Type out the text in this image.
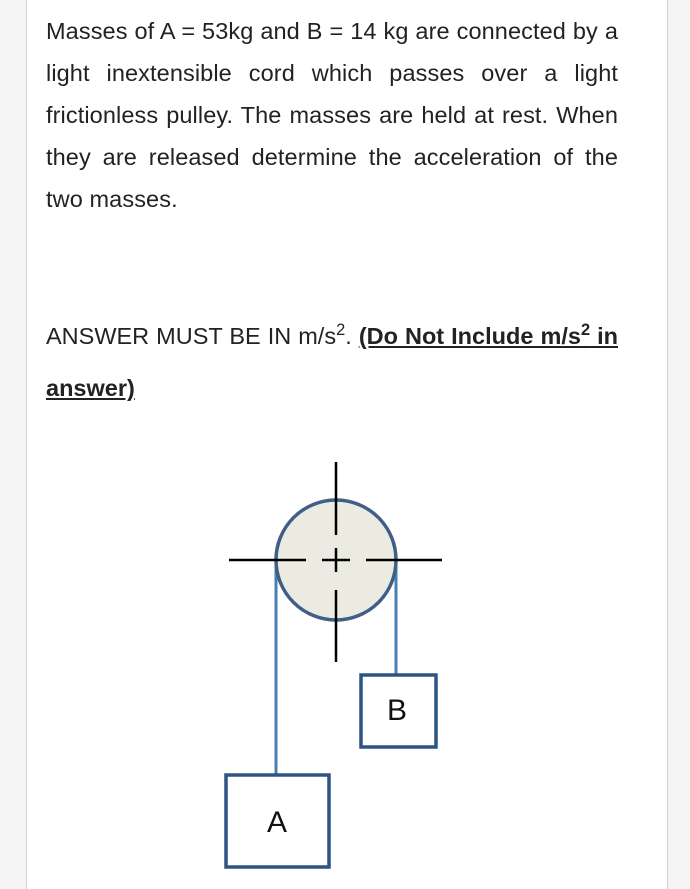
Masses of A = 53kg and B = 14 kg are connected by a light inextensible cord which passes over a light frictionless pulley. The masses are held at rest. When they are released determine the acceleration of the two masses.
ANSWER MUST BE IN $m/s^2$. (Do Not Include $m/s^2$ in answer)
B
A
